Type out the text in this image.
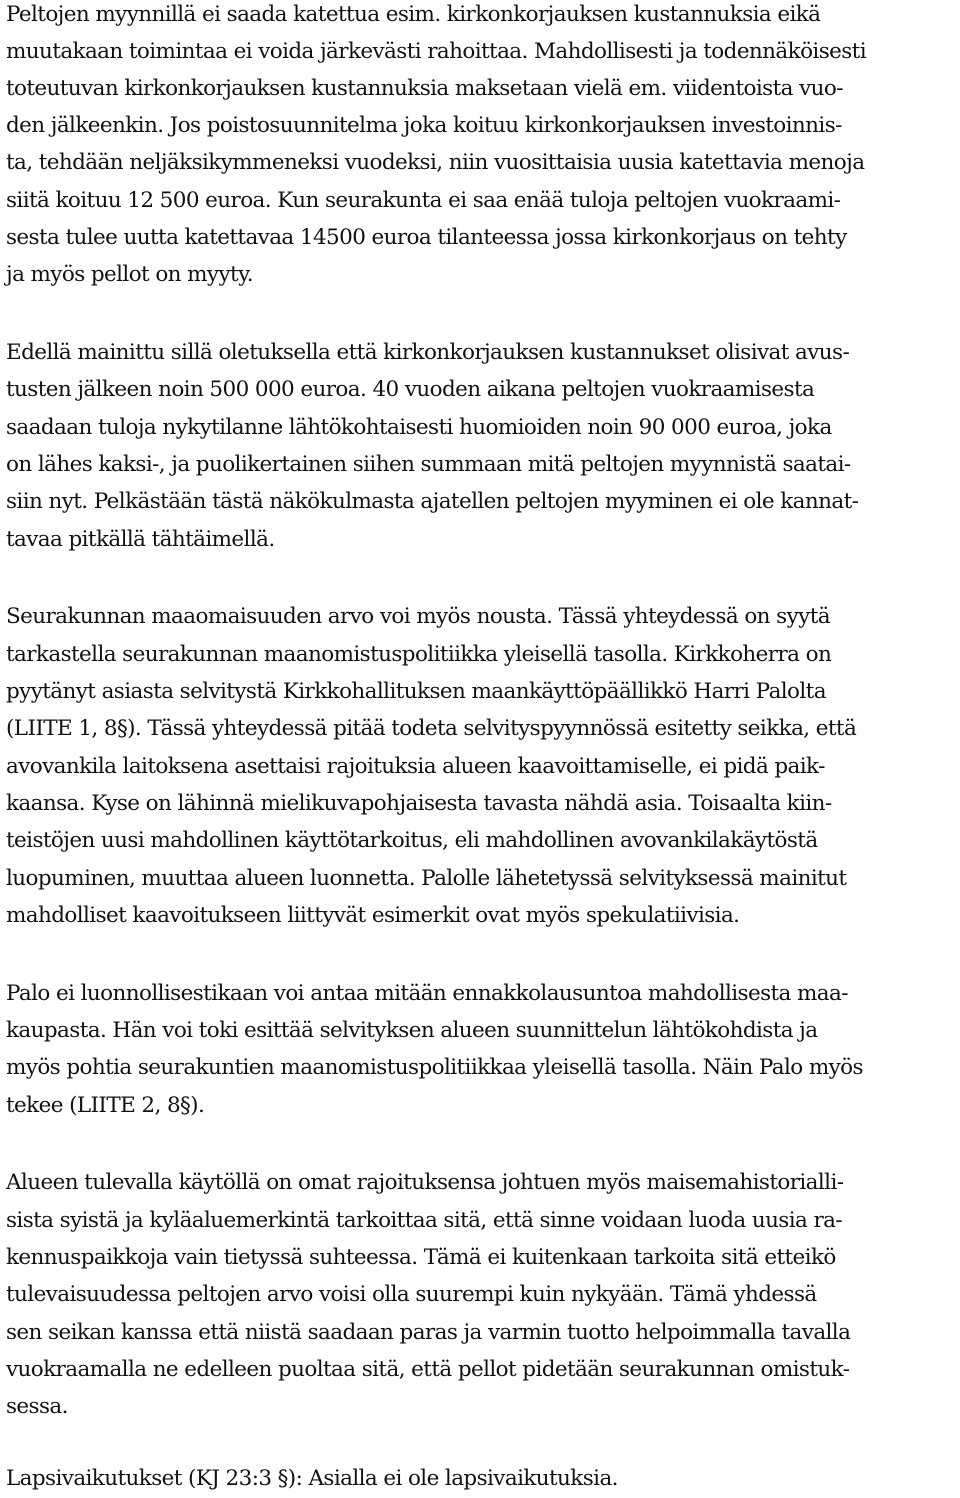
Peltojen myynnillä ei saada katettua esim. kirkonkorjauksen kustannuksia eikä
muutakaan toimintaa ei voida järkevästi rahoittaa. Mahdollisesti ja todennäköisesti
toteutuvan kirkonkorjauksen kustannuksia maksetaan vielä em. viidentoista vuo-
den jälkeenkin. Jos poistosuunnitelma joka koituu kirkonkorjauksen investoinnis-
ta, tehdään neljäksikymmeneksi vuodeksi, niin vuosittaisia uusia katettavia menoja
siitä koituu 12 500 euroa. Kun seurakunta ei saa enää tuloja peltojen vuokraami-
sesta tulee uutta katettavaa 14500 euroa tilanteessa jossa kirkonkorjaus on tehty
ja myös pellot on myyty.
Edellä mainittu sillä oletuksella että kirkonkorjauksen kustannukset olisivat avus-
tusten jälkeen noin 500 000 euroa. 40 vuoden aikana peltojen vuokraamisesta
saadaan tuloja nykytilanne lähtökohtaisesti huomioiden noin 90 000 euroa, joka
on lähes kaksi-, ja puolikertainen siihen summaan mitä peltojen myynnistä saatai-
siin nyt. Pelkästään tästä näkökulmasta ajatellen peltojen myyminen ei ole kannat-
tavaa pitkällä tähtäimellä.
Seurakunnan maaomaisuuden arvo voi myös nousta. Tässä yhteydessä on syytä
tarkastella seurakunnan maanomistuspolitiikka yleisellä tasolla. Kirkkoherra on
pyytänyt asiasta selvitystä Kirkkohallituksen maankäyttöpäällikkö Harri Palolta
(LIITE 1, 8§). Tässä yhteydessä pitää todeta selvityspyynnössä esitetty seikka, että
avovankila laitoksena asettaisi rajoituksia alueen kaavoittamiselle, ei pidä paik-
kaansa. Kyse on lähinnä mielikuvapohjaisesta tavasta nähdä asia. Toisaalta kiin-
teistöjen uusi mahdollinen käyttötarkoitus, eli mahdollinen avovankilakäytöstä
luopuminen, muuttaa alueen luonnetta. Palolle lähetetyssä selvityksessä mainitut
mahdolliset kaavoitukseen liittyvät esimerkit ovat myös spekulatiivisia.
Palo ei luonnollisestikaan voi antaa mitään ennakkolausuntoa mahdollisesta maa-
kaupasta. Hän voi toki esittää selvityksen alueen suunnittelun lähtökohdista ja
myös pohtia seurakuntien maanomistuspolitiikkaa yleisellä tasolla. Näin Palo myös
tekee (LIITE 2, 8§).
Alueen tulevalla käytöllä on omat rajoituksensa johtuen myös maisemahistorialli-
sista syistä ja kyläaluemerkintä tarkoittaa sitä, että sinne voidaan luoda uusia ra-
kennuspaikkoja vain tietyssä suhteessa. Tämä ei kuitenkaan tarkoita sitä etteikö
tulevaisuudessa peltojen arvo voisi olla suurempi kuin nykyään. Tämä yhdessä
sen seikan kanssa että niistä saadaan paras ja varmin tuotto helpoimmalla tavalla
vuokraamalla ne edelleen puoltaa sitä, että pellot pidetään seurakunnan omistuk-
sessa.
Lapsivaikutukset (KJ 23:3 §): Asialla ei ole lapsivaikutuksia.
